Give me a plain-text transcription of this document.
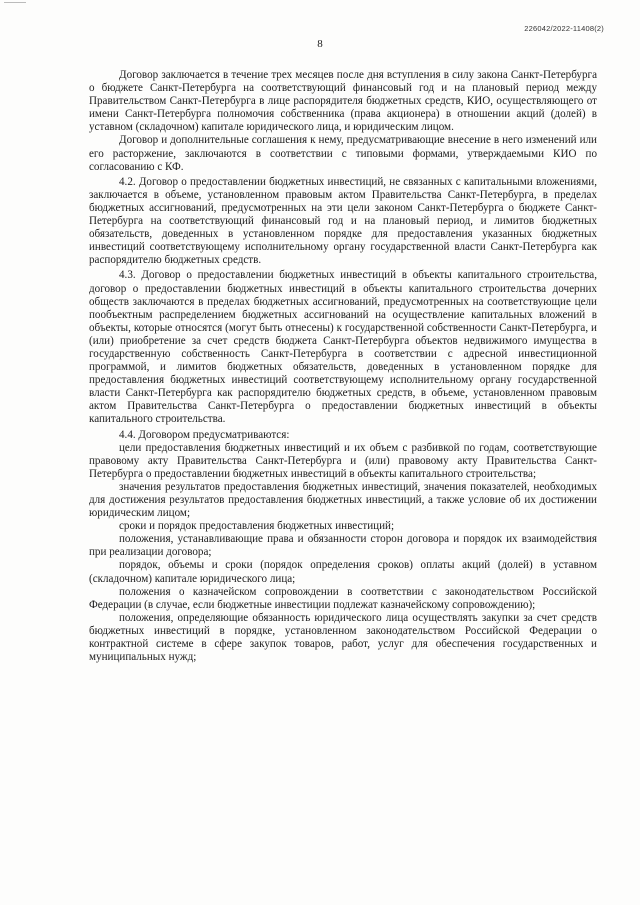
226042/2022-11408(2)
8

Договор заключается в течение трех месяцев после дня вступления в силу закона Санкт-Петербурга о бюджете Санкт-Петербурга на соответствующий финансовый год и на плановый период между Правительством Санкт-Петербурга в лице распорядителя бюджетных средств, КИО, осуществляющего от имени Санкт-Петербурга полномочия собственника (права акционера) в отношении акций (долей) в уставном (складочном) капитале юридического лица, и юридическим лицом.

Договор и дополнительные соглашения к нему, предусматривающие внесение в него изменений или его расторжение, заключаются в соответствии с типовыми формами, утверждаемыми КИО по согласованию с КФ.

4.2. Договор о предоставлении бюджетных инвестиций, не связанных с капитальными вложениями, заключается в объеме, установленном правовым актом Правительства Санкт-Петербурга, в пределах бюджетных ассигнований, предусмотренных на эти цели законом Санкт-Петербурга о бюджете Санкт-Петербурга на соответствующий финансовый год и на плановый период, и лимитов бюджетных обязательств, доведенных в установленном порядке для предоставления указанных бюджетных инвестиций соответствующему исполнительному органу государственной власти Санкт-Петербурга как распорядителю бюджетных средств.

4.3. Договор о предоставлении бюджетных инвестиций в объекты капитального строительства, договор о предоставлении бюджетных инвестиций в объекты капитального строительства дочерних обществ заключаются в пределах бюджетных ассигнований, предусмотренных на соответствующие цели пообъектным распределением бюджетных ассигнований на осуществление капитальных вложений в объекты, которые относятся (могут быть отнесены) к государственной собственности Санкт-Петербурга, и (или) приобретение за счет средств бюджета Санкт-Петербурга объектов недвижимого имущества в государственную собственность Санкт-Петербурга в соответствии с адресной инвестиционной программой, и лимитов бюджетных обязательств, доведенных в установленном порядке для предоставления бюджетных инвестиций соответствующему исполнительному органу государственной власти Санкт-Петербурга как распорядителю бюджетных средств, в объеме, установленном правовым актом Правительства Санкт-Петербурга о предоставлении бюджетных инвестиций в объекты капитального строительства.

4.4. Договором предусматриваются:

цели предоставления бюджетных инвестиций и их объем с разбивкой по годам, соответствующие правовому акту Правительства Санкт-Петербурга и (или) правовому акту Правительства Санкт-Петербурга о предоставлении бюджетных инвестиций в объекты капитального строительства;

значения результатов предоставления бюджетных инвестиций, значения показателей, необходимых для достижения результатов предоставления бюджетных инвестиций, а также условие об их достижении юридическим лицом;

сроки и порядок предоставления бюджетных инвестиций;

положения, устанавливающие права и обязанности сторон договора и порядок их взаимодействия при реализации договора;

порядок, объемы и сроки (порядок определения сроков) оплаты акций (долей) в уставном (складочном) капитале юридического лица;

положения о казначейском сопровождении в соответствии с законодательством Российской Федерации (в случае, если бюджетные инвестиции подлежат казначейскому сопровождению);

положения, определяющие обязанность юридического лица осуществлять закупки за счет средств бюджетных инвестиций в порядке, установленном законодательством Российской Федерации о контрактной системе в сфере закупок товаров, работ, услуг для обеспечения государственных и муниципальных нужд;
